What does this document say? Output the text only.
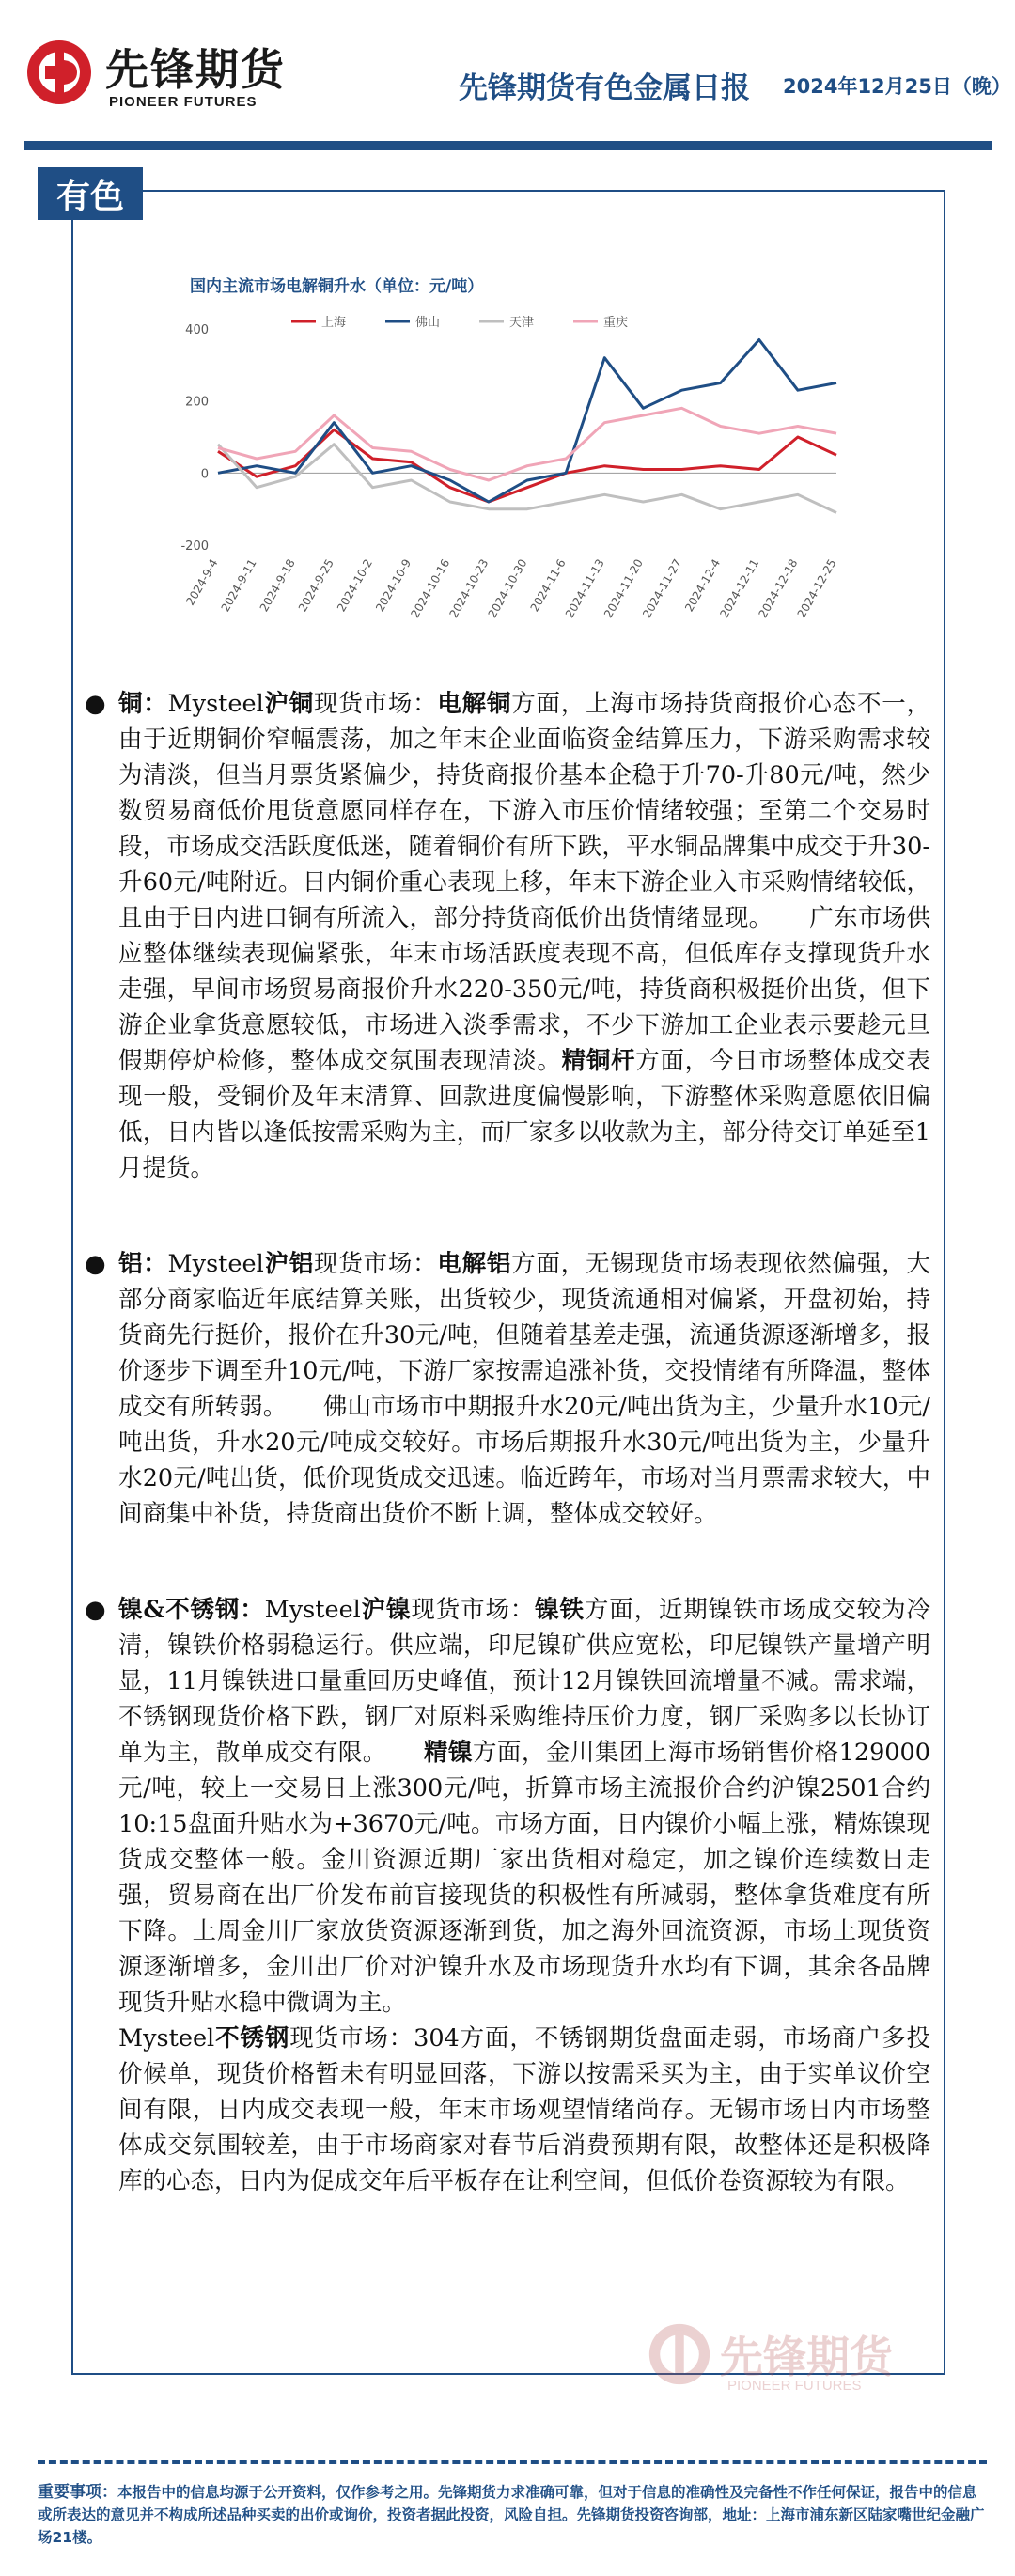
先锋期货
PIONEER FUTURES	先锋期货有色金属日报 2024年12月25日（晚）
有色
国内主流市场电解铜升水（单位：元/吨）
上海	佛山	天津	重庆
-200
0
200
400
2024-9-4
2024-9-11
2024-9-18
2024-9-25
2024-10-2
2024-10-9
2024-10-16
2024-10-23
2024-10-30
2024-11-6
2024-11-13
2024-11-20
2024-11-27
2024-12-4
2024-12-11
2024-12-18
2024-12-25
● 铜：Mysteel沪铜现货市场：电解铜方面，上海市场持货商报价心态不一，由于近期铜价窄幅震荡，加之年末企业面临资金结算压力，下游采购需求较为清淡，但当月票货紧偏少，持货商报价基本企稳于升70-升80元/吨，然少数贸易商低价甩货意愿同样存在，下游入市压价情绪较强；至第二个交易时段，市场成交活跃度低迷，随着铜价有所下跌，平水铜品牌集中成交于升30-升60元/吨附近。日内铜价重心表现上移，年末下游企业入市采购情绪较低，且由于日内进口铜有所流入，部分持货商低价出货情绪显现。　　广东市场供应整体继续表现偏紧张，年末市场活跃度表现不高，但低库存支撑现货升水走强，早间市场贸易商报价升水220-350元/吨，持货商积极挺价出货，但下游企业拿货意愿较低，市场进入淡季需求，不少下游加工企业表示要趁元旦假期停炉检修，整体成交氛围表现清淡。精铜杆方面，今日市场整体成交表现一般，受铜价及年末清算、回款进度偏慢影响，下游整体采购意愿依旧偏低，日内皆以逢低按需采购为主，而厂家多以收款为主，部分待交订单延至1月提货。

● 铝：Mysteel沪铝现货市场：电解铝方面，无锡现货市场表现依然偏强，大部分商家临近年底结算关账，出货较少，现货流通相对偏紧，开盘初始，持货商先行挺价，报价在升30元/吨，但随着基差走强，流通货源逐渐增多，报价逐步下调至升10元/吨，下游厂家按需追涨补货，交投情绪有所降温，整体成交有所转弱。　　佛山市场市中期报升水20元/吨出货为主，少量升水10元/吨出货，升水20元/吨成交较好。市场后期报升水30元/吨出货为主，少量升水20元/吨出货，低价现货成交迅速。临近跨年，市场对当月票需求较大，中间商集中补货，持货商出货价不断上调，整体成交较好。

● 镍&不锈钢：Mysteel沪镍现货市场：镍铁方面，近期镍铁市场成交较为冷清，镍铁价格弱稳运行。供应端，印尼镍矿供应宽松，印尼镍铁产量增产明显，11月镍铁进口量重回历史峰值，预计12月镍铁回流增量不减。需求端，不锈钢现货价格下跌，钢厂对原料采购维持压价力度，钢厂采购多以长协订单为主，散单成交有限。　　精镍方面，金川集团上海市场销售价格129000元/吨，较上一交易日上涨300元/吨，折算市场主流报价合约沪镍2501合约10:15盘面升贴水为+3670元/吨。市场方面，日内镍价小幅上涨，精炼镍现货成交整体一般。金川资源近期厂家出货相对稳定，加之镍价连续数日走强，贸易商在出厂价发布前盲接现货的积极性有所减弱，整体拿货难度有所下降。上周金川厂家放货资源逐渐到货，加之海外回流资源，市场上现货资源逐渐增多，金川出厂价对沪镍升水及市场现货升水均有下调，其余各品牌现货升贴水稳中微调为主。
Mysteel不锈钢现货市场：304方面，不锈钢期货盘面走弱，市场商户多投价候单，现货价格暂未有明显回落，下游以按需采买为主，由于实单议价空间有限，日内成交表现一般，年末市场观望情绪尚存。无锡市场日内市场整体成交氛围较差，由于市场商家对春节后消费预期有限，故整体还是积极降库的心态，日内为促成交年后平板存在让利空间，但低价卷资源较为有限。

先锋期货
PIONEER FUTURES
重要事项：本报告中的信息均源于公开资料，仅作参考之用。先锋期货力求准确可靠，但对于信息的准确性及完备性不作任何保证，报告中的信息或所表达的意见并不构成所述品种买卖的出价或询价，投资者据此投资，风险自担。先锋期货投资咨询部，地址：上海市浦东新区陆家嘴世纪金融广场21楼。
